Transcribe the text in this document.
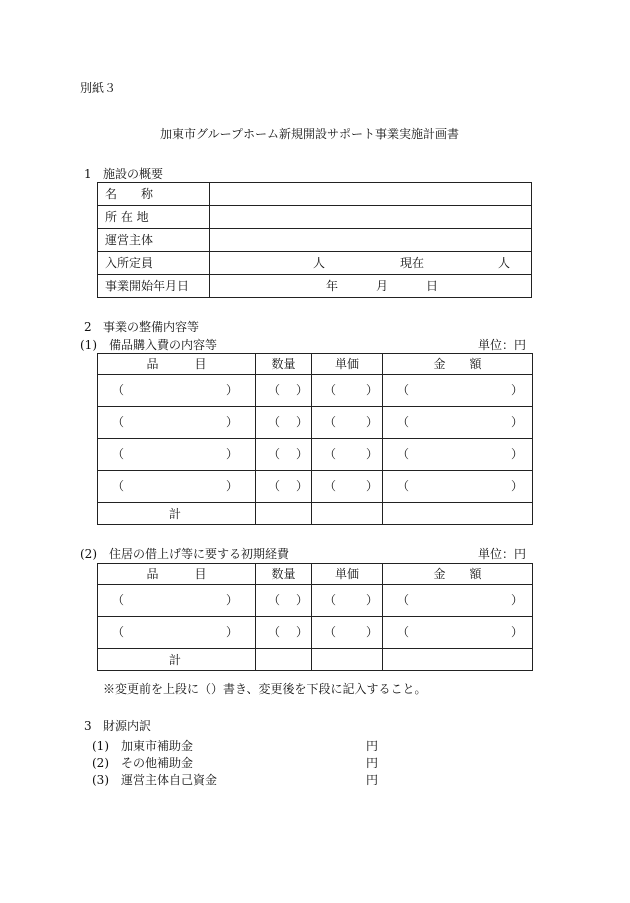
別紙３
加東市グループホーム新規開設サポート事業実施計画書
1 施設の概要
名　　称	
所 在 地	
運営主体	
入所定員	人 現在 人

事業開始年月日	年 月 日
2 事業の整備内容等
(1) 備品購入費の内容等	単位：円
品　　　目	数量	単価	金　　額

（ ）	（ ）	（ ）	（ ）

（ ）	（ ）	（ ）	（ ）

（ ）	（ ）	（ ）	（ ）

（ ）	（ ）	（ ）	（ ）

計			

(2) 住居の借上げ等に要する初期経費	単位：円
品　　　目	数量	単価	金　　額

（ ）	（ ）	（ ）	（ ）

（ ）	（ ）	（ ）	（ ）

計			

※変更前を上段に（）書き、変更後を下段に記入すること。
3 財源内訳
(1) 加東市補助金	円
(2) その他補助金	円
(3) 運営主体自己資金	円
